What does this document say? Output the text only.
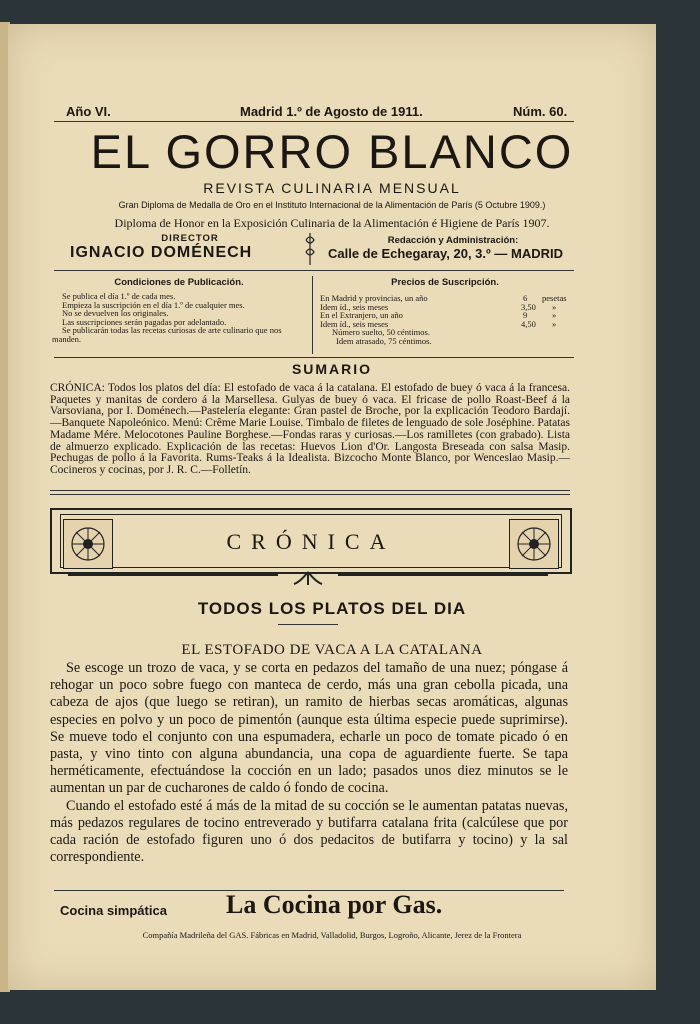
Año VI.	Madrid 1.º de Agosto de 1911.	Núm. 60.
EL GORRO BLANCO
REVISTA CULINARIA MENSUAL
Gran Diploma de Medalla de Oro en el Instituto Internacional de la Alimentación de París (5 Octubre 1909.)
Diploma de Honor en la Exposición Culinaria de la Alimentación é Higiene de París 1907.
DIRECTOR
IGNACIO DOMÉNECH
Redacción y Administración:
Calle de Echegaray, 20, 3.º — MADRID
Condiciones de Publicación.
Se publica el día 1.º de cada mes.
Empieza la suscripción en el día 1.º de cualquier mes.
No se devuelven los originales.
Las suscripciones serán pagadas por adelantado.
Se publicarán todas las recetas curiosas de arte culinario que nos manden.
Precios de Suscripción.
En Madrid y provincias, un año	6 pesetas
Idem íd., seis meses	3,50 »
En el Extranjero, un año	9	»
Idem íd., seis meses	4,50 »
Número suelto, 50 céntimos.
Idem atrasado, 75 céntimos.
SUMARIO
CRÓNICA: Todos los platos del día: El estofado de vaca á la catalana. El estofado de buey ó vaca á la francesa. Paquetes y manitas de cordero á la Marsellesa. Gulyas de buey ó vaca. El fricase de pollo Roast-Beef á la Varsoviana, por I. Doménech.—Pastelería elegante: Gran pastel de Broche, por la explicación Teodoro Bardají.—Banquete Napoleónico. Menú: Crême Marie Louise. Timbalo de filetes de lenguado de sole Joséphine. Patatas Madame Mére. Melocotones Pauline Borghese.—Fondas raras y curiosas.—Los ramilletes (con grabado). Lista de almuerzo explicado. Explicación de las recetas: Huevos Lion d'Or. Langosta Breseada con salsa Masip. Pechugas de pollo á la Favorita. Rums-Teaks á la Idealista. Bizcocho Monte Blanco, por Wenceslao Masip.—Cocineros y cocinas, por J. R. C.—Folletín.
CRÓNICA
TODOS LOS PLATOS DEL DIA
EL ESTOFADO DE VACA A LA CATALANA

Se escoge un trozo de vaca, y se corta en pedazos del tamaño de una nuez; póngase á rehogar un poco sobre fuego con manteca de cerdo, más una gran cebolla picada, una cabeza de ajos (que luego se retiran), un ramito de hierbas secas aromáticas, algunas especies en polvo y un poco de pimentón (aunque esta última especie puede suprimirse). Se mueve todo el conjunto con una espumadera, echarle un poco de tomate picado ó en pasta, y vino tinto con alguna abundancia, una copa de aguardiente fuerte. Se tapa herméticamente, efectuándose la cocción en un lado; pasados unos diez minutos se le aumentan un par de cucharones de caldo ó fondo de cocina.

Cuando el estofado esté á más de la mitad de su cocción se le aumentan patatas nuevas, más pedazos regulares de tocino entreverado y butifarra catalana frita (calcúlese que por cada ración de estofado figuren uno ó dos pedacitos de butifarra y tocino) y la sal correspondiente.

Cocina simpática La Cocina por Gas.
Compañía Madrileña del GAS. Fábricas en Madrid, Valladolid, Burgos, Logroño, Alicante, Jerez de la Frontera
